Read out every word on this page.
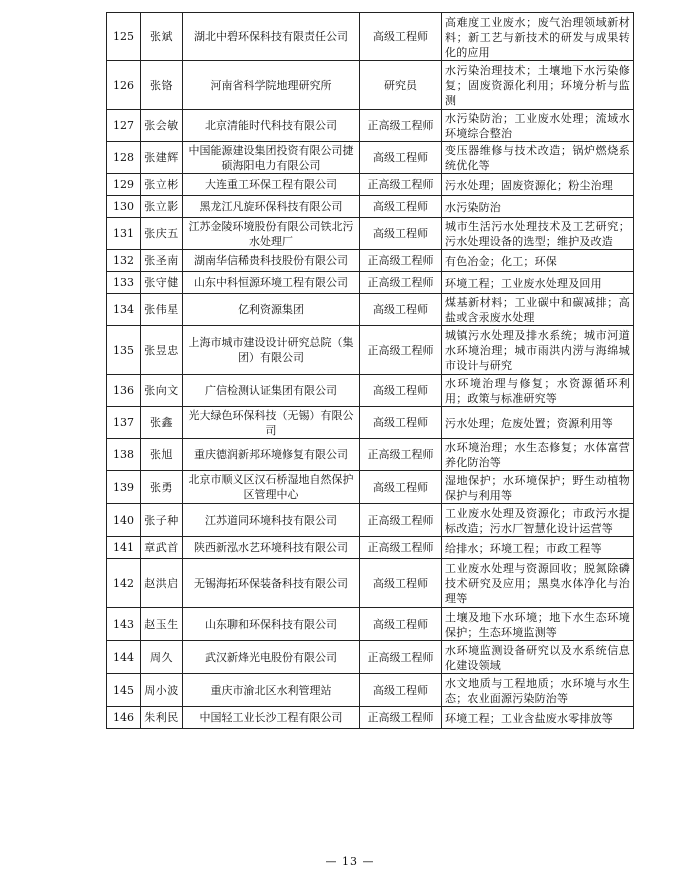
125	张斌	湖北中碧环保科技有限责任公司	高级工程师	高难度工业废水；废气治理领域新材料；新工艺与新技术的研发与成果转化的应用
126	张铬	河南省科学院地理研究所	研究员	水污染治理技术；土壤地下水污染修复；固废资源化利用；环境分析与监测
127	张会敏	北京清能时代科技有限公司	正高级工程师	水污染防治；工业废水处理；流域水环境综合整治
128	张建辉	中国能源建设集团投资有限公司捷硕海阳电力有限公司	高级工程师	变压器维修与技术改造；锅炉燃烧系统优化等
129	张立彬	大连重工环保工程有限公司	正高级工程师	污水处理；固废资源化；粉尘治理
130	张立影	黑龙江凡旋环保科技有限公司	高级工程师	水污染防治
131	张庆五	江苏金陵环境股份有限公司铁北污水处理厂	高级工程师	城市生活污水处理技术及工艺研究；污水处理设备的选型；维护及改造
132	张圣南	湖南华信稀贵科技股份有限公司	正高级工程师	有色冶金；化工；环保
133	张守健	山东中科恒源环境工程有限公司	正高级工程师	环境工程；工业废水处理及回用
134	张伟星	亿利资源集团	高级工程师	煤基新材料；工业碳中和碳减排；高盐或含汞废水处理
135	张昱忠	上海市城市建设设计研究总院（集团）有限公司	正高级工程师	城镇污水处理及排水系统；城市河道水环境治理；城市雨洪内涝与海绵城市设计与研究
136	张向文	广信检测认证集团有限公司	高级工程师	水环境治理与修复；水资源循环利用；政策与标准研究等
137	张鑫	光大绿色环保科技（无锡）有限公司	高级工程师	污水处理；危废处置；资源利用等
138	张旭	重庆德润新邦环境修复有限公司	正高级工程师	水环境治理；水生态修复；水体富营养化防治等
139	张勇	北京市顺义区汉石桥湿地自然保护区管理中心	高级工程师	湿地保护；水环境保护；野生动植物保护与利用等
140	张子种	江苏道同环境科技有限公司	正高级工程师	工业废水处理及资源化；市政污水提标改造；污水厂智慧化设计运营等
141	章武首	陕西新泓水艺环境科技有限公司	正高级工程师	给排水；环境工程；市政工程等
142	赵洪启	无锡海拓环保装备科技有限公司	高级工程师	工业废水处理与资源回收；脱氮除磷技术研究及应用；黑臭水体净化与治理等
143	赵玉生	山东聊和环保科技有限公司	高级工程师	土壤及地下水环境；地下水生态环境保护；生态环境监测等
144	周久	武汉新烽光电股份有限公司	正高级工程师	水环境监测设备研究以及水系统信息化建设领域
145	周小波	重庆市渝北区水利管理站	高级工程师	水文地质与工程地质；水环境与水生态；农业面源污染防治等
146	朱利民	中国轻工业长沙工程有限公司	正高级工程师	环境工程；工业含盐废水零排放等
— 13 —
